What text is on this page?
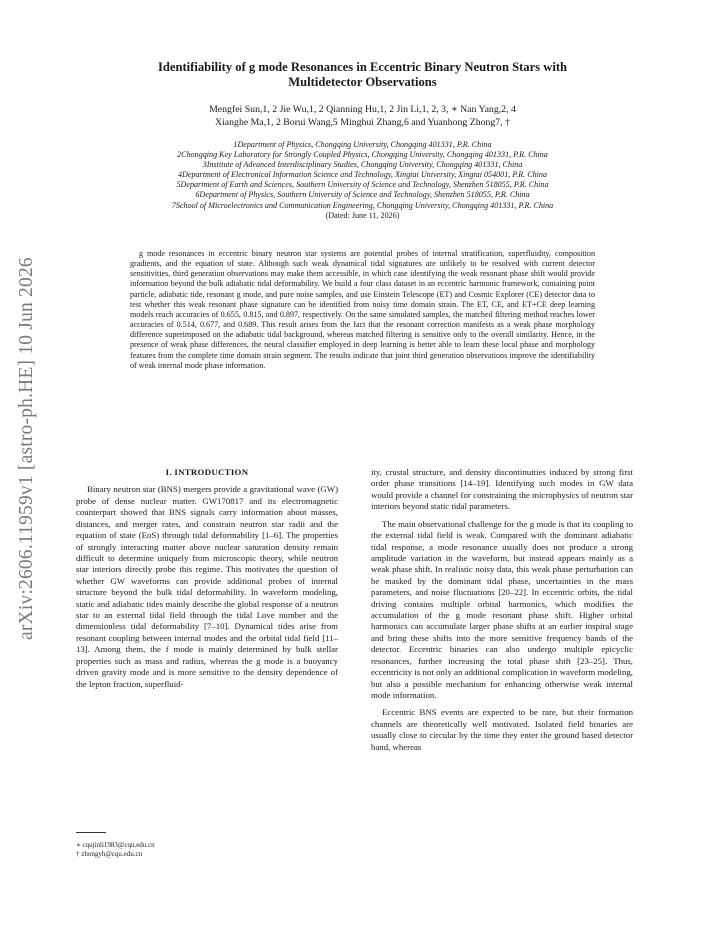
arXiv:2606.11959v1 [astro-ph.HE] 10 Jun 2026
Identifiability of g mode Resonances in Eccentric Binary Neutron Stars with
Multidetector Observations
Mengfei Sun,1, 2 Jie Wu,1, 2 Qianning Hu,1, 2 Jin Li,1, 2, 3, ∗ Nan Yang,2, 4
Xianghe Ma,1, 2 Borui Wang,5 Minghui Zhang,6 and Yuanhong Zhong7, †
1Department of Physics, Chongqing University, Chongqing 401331, P.R. China
2Chongqing Key Laboratory for Strongly Coupled Physics, Chongqing University, Chongqing 401331, P.R. China
3Institute of Advanced Interdisciplinary Studies, Chongqing University, Chongqing 401331, China
4Department of Electronical Information Science and Technology, Xingtai University, Xingtai 054001, P.R. China
5Department of Earth and Sciences, Southern University of Science and Technology, Shenzhen 518055, P.R. China
6Department of Physics, Southern University of Science and Technology, Shenzhen 518055, P.R. China
7School of Microelectronics and Communication Engineering, Chongqing University, Chongqing 401331, P.R. China
(Dated: June 11, 2026)

g mode resonances in eccentric binary neutron star systems are potential probes of internal stratification, superfluidity, composition gradients, and the equation of state. Although such weak dynamical tidal signatures are unlikely to be resolved with current detector sensitivities, third generation observations may make them accessible, in which case identifying the weak resonant phase shift would provide information beyond the bulk adiabatic tidal deformability. We build a four class dataset in an eccentric harmonic framework, containing point particle, adiabatic tide, resonant g mode, and pure noise samples, and use Einstein Telescope (ET) and Cosmic Explorer (CE) detector data to test whether this weak resonant phase signature can be identified from noisy time domain strain. The ET, CE, and ET+CE deep learning models reach accuracies of 0.655, 0.815, and 0.897, respectively. On the same simulated samples, the matched filtering method reaches lower accuracies of 0.514, 0.677, and 0.689. This result arises from the fact that the resonant correction manifests as a weak phase morphology difference superimposed on the adiabatic tidal background, whereas matched filtering is sensitive only to the overall similarity. Hence, in the presence of weak phase differences, the neural classifier employed in deep learning is better able to learn these local phase and morphology features from the complete time domain strain segment. The results indicate that joint third generation observations improve the identifiability of weak internal mode phase information.

I. INTRODUCTION

Binary neutron star (BNS) mergers provide a gravitational wave (GW) probe of dense nuclear matter. GW170817 and its electromagnetic counterpart showed that BNS signals carry information about masses, distances, and merger rates, and constrain neutron star radii and the equation of state (EoS) through tidal deformability [1–6]. The properties of strongly interacting matter above nuclear saturation density remain difficult to determine uniquely from microscopic theory, while neutron star interiors directly probe this regime. This motivates the question of whether GW waveforms can provide additional probes of internal structure beyond the bulk tidal deformability. In waveform modeling, static and adiabatic tides mainly describe the global response of a neutron star to an external tidal field through the tidal Love number and the dimensionless tidal deformability [7–10]. Dynamical tides arise from resonant coupling between internal modes and the orbital tidal field [11–13]. Among them, the f mode is mainly determined by bulk stellar properties such as mass and radius, whereas the g mode is a buoyancy driven gravity mode and is more sensitive to the density dependence of the lepton fraction, superfluid-

ity, crustal structure, and density discontinuities induced by strong first order phase transitions [14–19]. Identifying such modes in GW data would provide a channel for constraining the microphysics of neutron star interiors beyond static tidal parameters.

The main observational challenge for the g mode is that its coupling to the external tidal field is weak. Compared with the dominant adiabatic tidal response, a mode resonance usually does not produce a strong amplitude variation in the waveform, but instead appears mainly as a weak phase shift. In realistic noisy data, this weak phase perturbation can be masked by the dominant tidal phase, uncertainties in the mass parameters, and noise fluctuations [20–22]. In eccentric orbits, the tidal driving contains multiple orbital harmonics, which modifies the accumulation of the g mode resonant phase shift. Higher orbital harmonics can accumulate larger phase shifts at an earlier inspiral stage and bring these shifts into the more sensitive frequency bands of the detector. Eccentric binaries can also undergo multiple epicyclic resonances, further increasing the total phase shift [23–25]. Thus, eccentricity is not only an additional complication in waveform modeling, but also a possible mechanism for enhancing otherwise weak internal mode information.

Eccentric BNS events are expected to be rare, but their formation channels are theoretically well motivated. Isolated field binaries are usually close to circular by the time they enter the ground based detector band, whereas

∗ cqujinli1983@cqu.edu.cn
† zhongyh@cqu.edu.cn
